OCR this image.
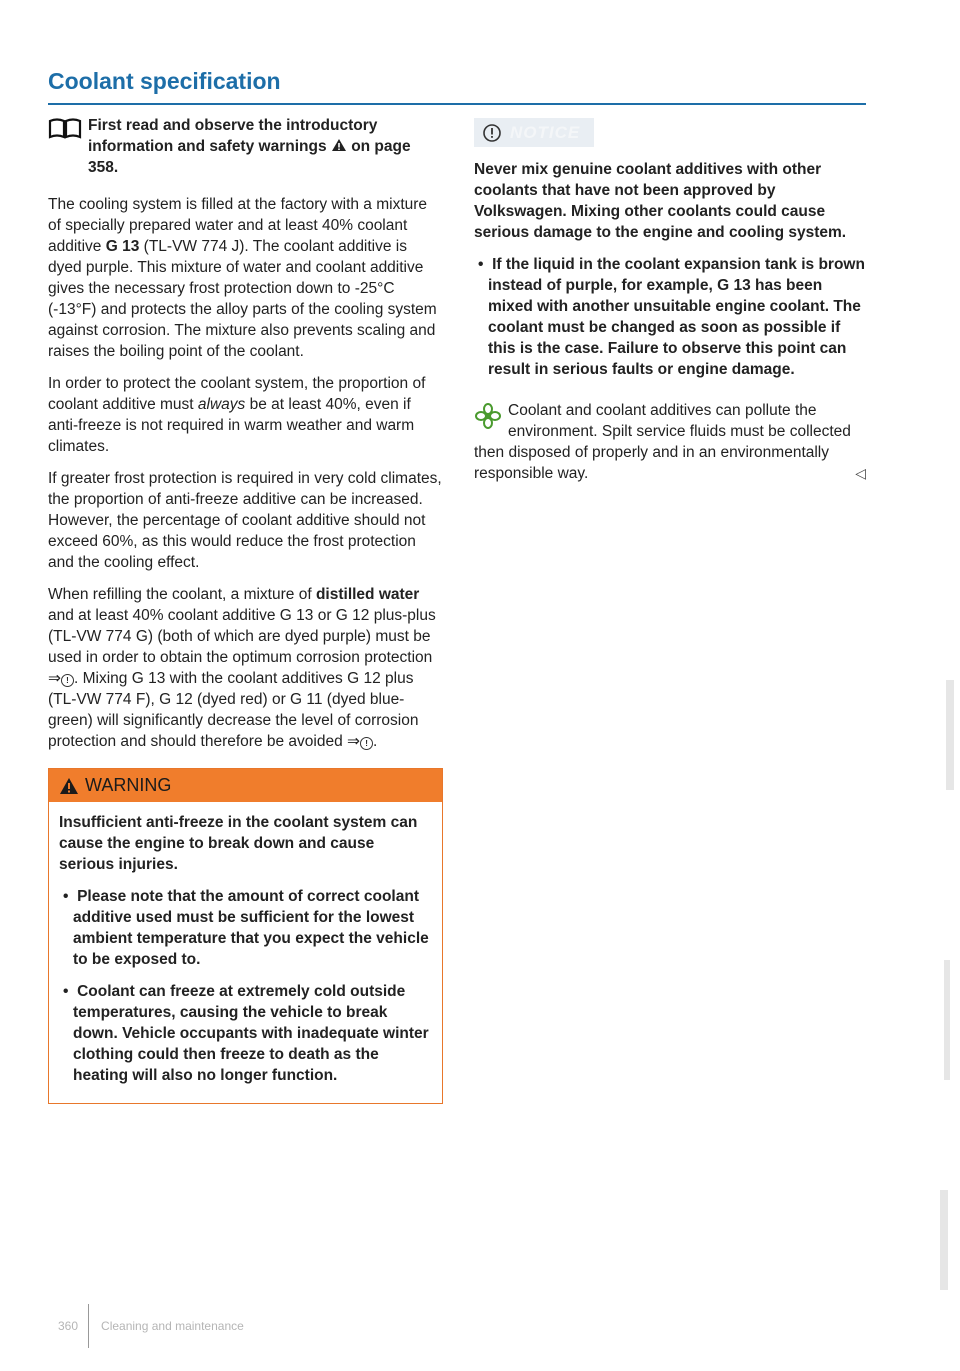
Coolant specification
First read and observe the introductory information and safety warnings on page 358.

The cooling system is filled at the factory with a mixture of specially prepared water and at least 40% coolant additive G 13 (TL-VW 774 J). The coolant additive is dyed purple. This mixture of water and coolant additive gives the necessary frost protection down to -25°C (-13°F) and protects the alloy parts of the cooling system against corrosion. The mixture also prevents scaling and raises the boiling point of the coolant.

In order to protect the coolant system, the proportion of coolant additive must always be at least 40%, even if anti-freeze is not required in warm weather and warm climates.

If greater frost protection is required in very cold climates, the proportion of anti-freeze additive can be increased. However, the percentage of coolant additive should not exceed 60%, as this would reduce the frost protection and the cooling effect.

When refilling the coolant, a mixture of distilled water and at least 40% coolant additive G 13 or G 12 plus-plus (TL-VW 774 G) (both of which are dyed purple) must be used in order to obtain the optimum corrosion protection ⇒ ! . Mixing G 13 with the coolant additives G 12 plus (TL-VW 774 F), G 12 (dyed red) or G 11 (dyed blue-green) will significantly decrease the level of corrosion protection and should therefore be avoided ⇒ ! .

WARNING

Insufficient anti-freeze in the coolant system can cause the engine to break down and cause serious injuries.

• Please note that the amount of correct coolant additive used must be sufficient for the lowest ambient temperature that you expect the vehicle to be exposed to.

• Coolant can freeze at extremely cold outside temperatures, causing the vehicle to break down. Vehicle occupants with inadequate winter clothing could then freeze to death as the heating will also no longer function.

NOTICE

Never mix genuine coolant additives with other coolants that have not been approved by Volkswagen. Mixing other coolants could cause serious damage to the engine and cooling system.

• If the liquid in the coolant expansion tank is brown instead of purple, for example, G 13 has been mixed with another unsuitable engine coolant. The coolant must be changed as soon as possible if this is the case. Failure to observe this point can result in serious faults or engine damage.

Coolant and coolant additives can pollute the environment. Spilt service fluids must be collected then disposed of properly and in an environmentally responsible way.	◁
360 Cleaning and maintenance
